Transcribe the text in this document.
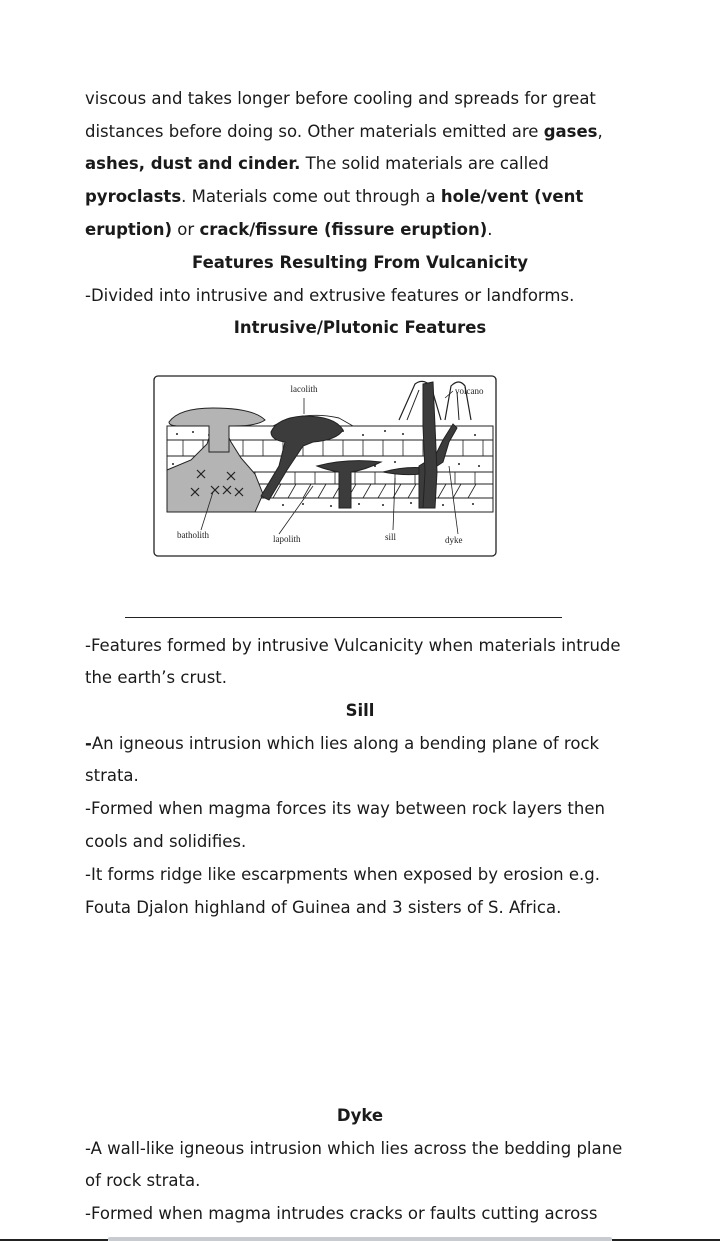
viscous and takes longer before cooling and spreads for great
distances before doing so. Other materials emitted are gases,
ashes, dust and cinder. The solid materials are called
pyroclasts. Materials come out through a hole/vent (vent
eruption) or crack/fissure (fissure eruption).
Features Resulting From Vulcanicity
-Divided into intrusive and extrusive features or landforms.
Intrusive/Plutonic Features
lacolith	volcano
batholith	lapolith	sill	dyke
-Features formed by intrusive Vulcanicity when materials intrude
the earth’s crust.
Sill
-An igneous intrusion which lies along a bending plane of rock
strata.
-Formed when magma forces its way between rock layers then
cools and solidifies.
-It forms ridge like escarpments when exposed by erosion e.g.
Fouta Djalon highland of Guinea and 3 sisters of S. Africa.
Dyke
-A wall-like igneous intrusion which lies across the bedding plane
of rock strata.
-Formed when magma intrudes cracks or faults cutting across
